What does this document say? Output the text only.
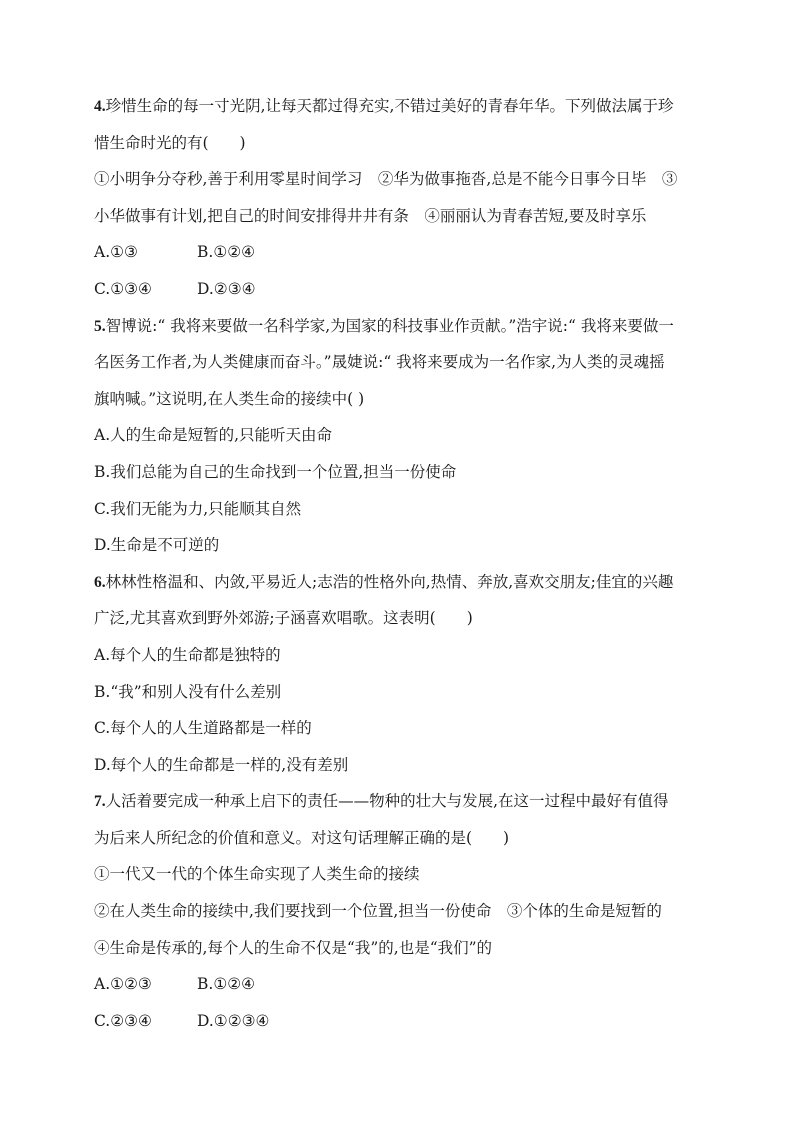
4.珍惜生命的每一寸光阴,让每天都过得充实,不错过美好的青春年华。下列做法属于珍
惜生命时光的有(　　)
①小明争分夺秒,善于利用零星时间学习　②华为做事拖沓,总是不能今日事今日毕　③
小华做事有计划,把自己的时间安排得井井有条　④丽丽认为青春苦短,要及时享乐
A.①③	B.①②④
C.①③④	D.②③④
5.智博说:“ 我将来要做一名科学家,为国家的科技事业作贡献。”浩宇说:“ 我将来要做一
名医务工作者,为人类健康而奋斗。”晟婕说:“ 我将来要成为一名作家,为人类的灵魂摇
旗呐喊。”这说明,在人类生命的接续中( )
A.人的生命是短暂的,只能听天由命
B.我们总能为自己的生命找到一个位置,担当一份使命
C.我们无能为力,只能顺其自然
D.生命是不可逆的
6.林林性格温和、内敛,平易近人;志浩的性格外向,热情、奔放,喜欢交朋友;佳宜的兴趣
广泛,尤其喜欢到野外郊游;子涵喜欢唱歌。这表明(　　)
A.每个人的生命都是独特的
B.“我”和别人没有什么差别
C.每个人的人生道路都是一样的
D.每个人的生命都是一样的,没有差别
7.人活着要完成一种承上启下的责任——物种的壮大与发展,在这一过程中最好有值得
为后来人所纪念的价值和意义。对这句话理解正确的是(　　)
①一代又一代的个体生命实现了人类生命的接续
②在人类生命的接续中,我们要找到一个位置,担当一份使命　③个体的生命是短暂的
④生命是传承的,每个人的生命不仅是“我”的,也是“我们”的
A.①②③	B.①②④
C.②③④	D.①②③④
